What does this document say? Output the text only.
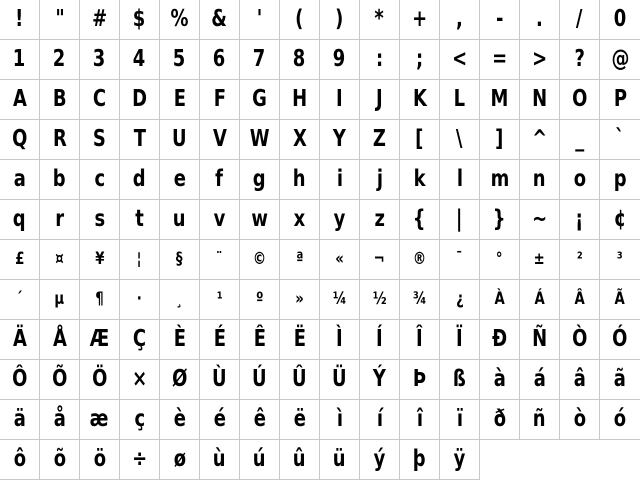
! " # $ % & ' ( ) * + , - . / 0
1 2 3 4 5 6 7 8 9 : ; < = > ? @
A B C D E F G H I J K L M N O P
Q R S T U V W X Y Z [ \ ] ^ _ `
a b c d e f g h i j k l m n o p
q r s t u v w x y z { | } ~ ¡ ¢
£ ¤ ¥ ¦ § ¨ © ª « ¬ ® ¯ ° ± ² ³
´ µ ¶ · ¸ ¹ º » ¼ ½ ¾ ¿ À Á Â Ã
Ä Å Æ Ç È É Ê Ë Ì Í Î Ï Ð Ñ Ò Ó
Ô Õ Ö × Ø Ù Ú Û Ü Ý Þ ß à á â ã
ä å æ ç è é ê ë ì í î ï ð ñ ò ó
ô õ ö ÷ ø ù ú û ü ý þ ÿ
